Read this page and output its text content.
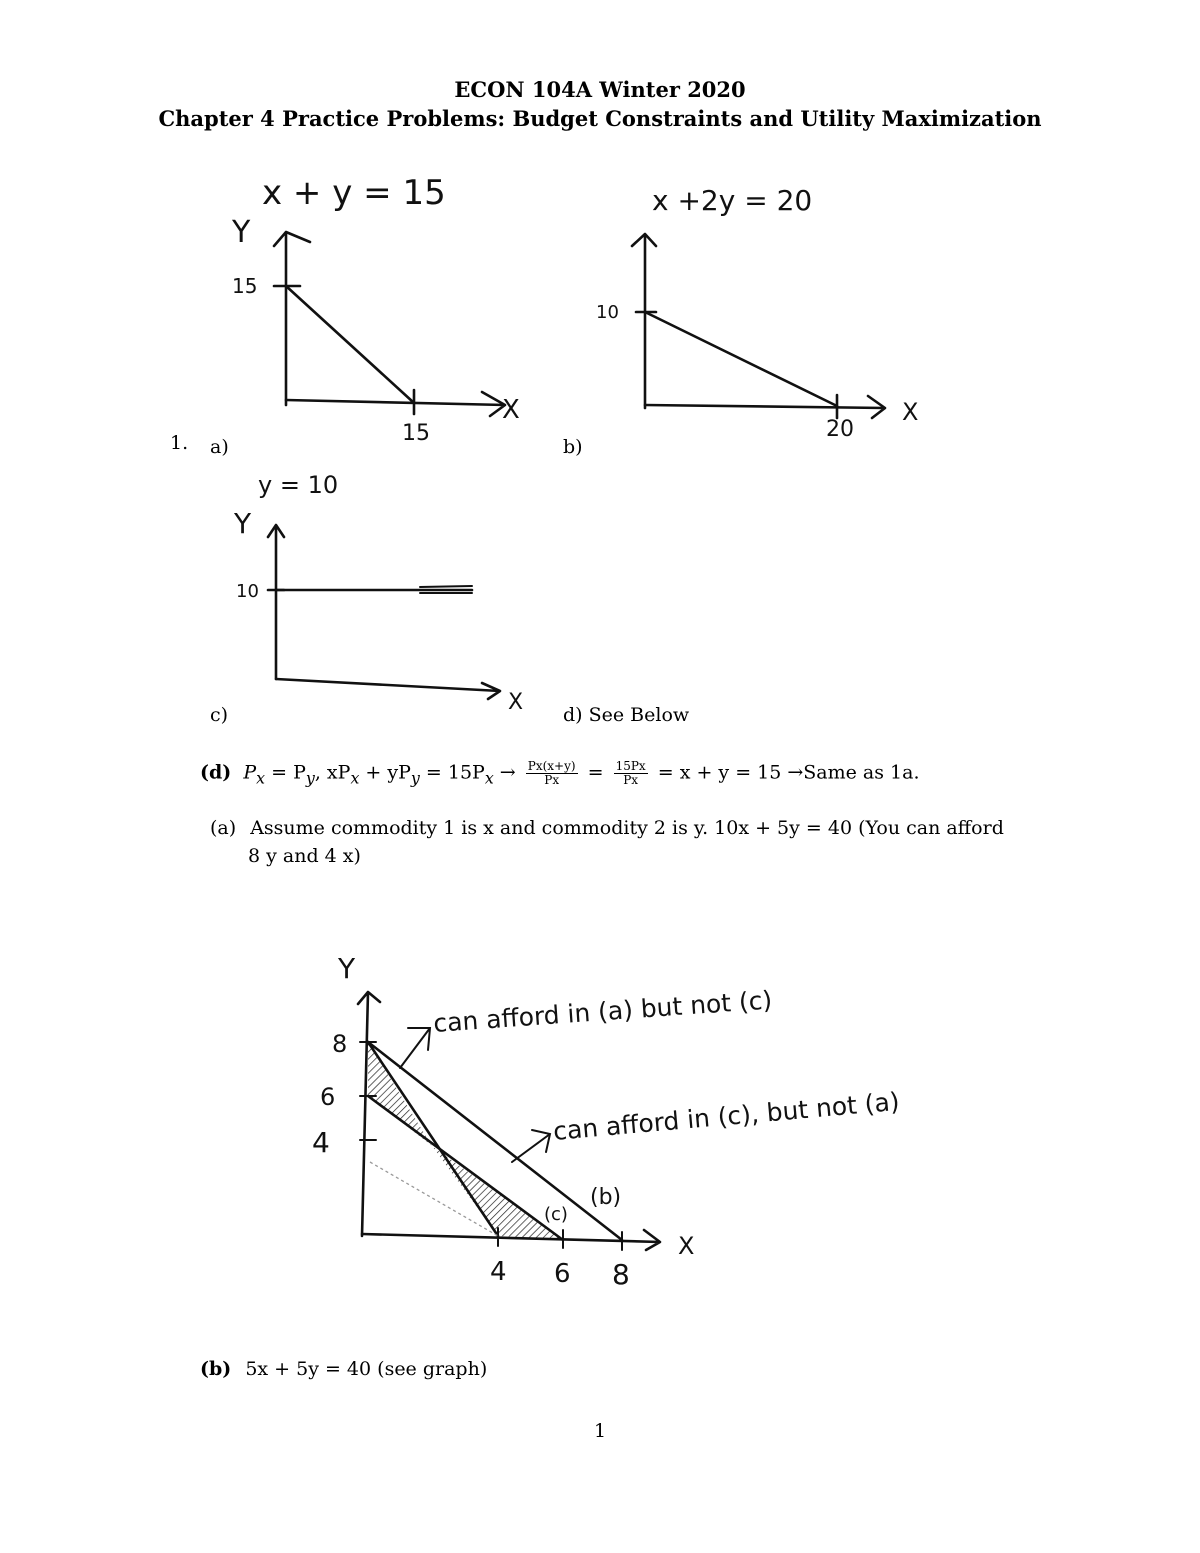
ECON 104A Winter 2020
Chapter 4 Practice Problems: Budget Constraints and Utility Maximization
x + y = 15
Y
X
15
15
1. a)
x +2y = 20
X
10
20
b)
y = 10
Y
X
10
c)	d) See Below
(d) $P_x = P_y$, $xP_x + yP_y = 15P_x \to \frac{Px(x+y)}{Px} = \frac{15Px}{Px} = x + y = 15$ →Same as 1a.
(a) Assume commodity 1 is x and commodity 2 is y. 10x + 5y = 40 (You can afford
8 y and 4 x)
Y
X
8
6
4
4 6 8
can afford in (a) but not (c)
can afford in (c), but not (a)
(b)
(c)
(b) 5x + 5y = 40 (see graph)
1
